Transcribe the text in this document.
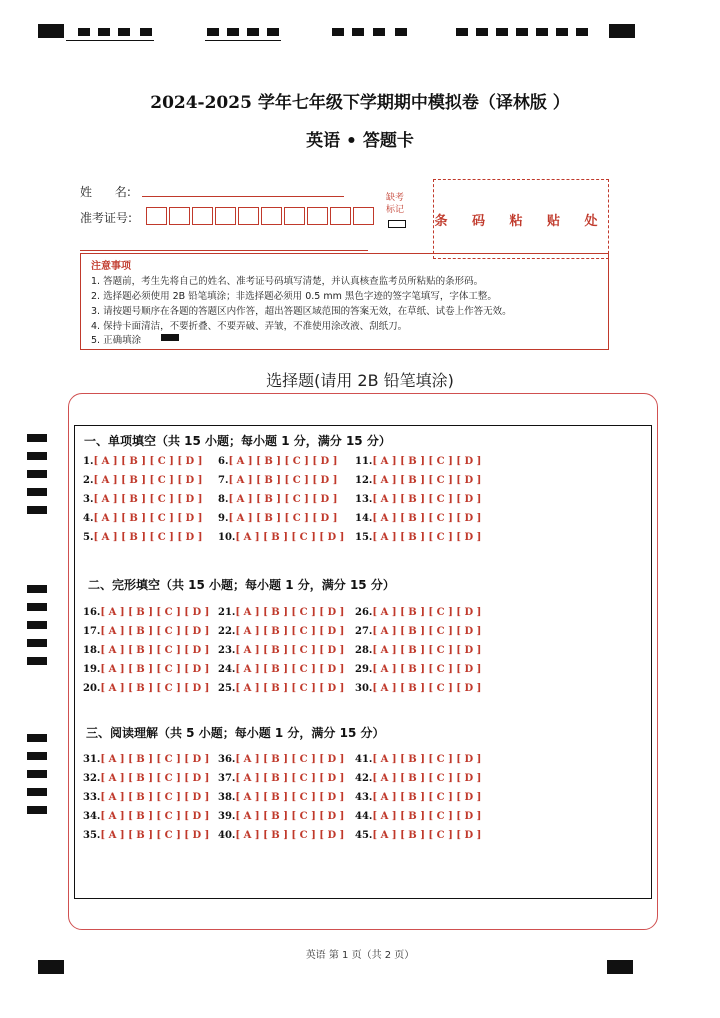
2024-2025 学年七年级下学期期中模拟卷（译林版 ）
英语 • 答题卡
姓      名:
准考证号:
缺考
标记
条 码 粘 贴 处
注意事项
1. 答题前，考生先将自己的姓名、准考证号码填写清楚，并认真核查监考员所粘贴的条形码。
2. 选择题必须使用 2B 铅笔填涂；非选择题必须用 0.5 mm 黑色字迹的签字笔填写，字体工整。
3. 请按题号顺序在各题的答题区内作答，超出答题区域范围的答案无效，在草纸、试卷上作答无效。
4. 保持卡面清洁，不要折叠、不要弄破、弄皱，不准使用涂改液、刮纸刀。
5. 正确填涂
选择题(请用 2B 铅笔填涂)
一、单项填空（共 15 小题；每小题 1 分，满分 15 分）
二、完形填空（共 15 小题；每小题 1 分，满分 15 分）
三、阅读理解（共 5 小题；每小题 1 分，满分 15 分）
1.[ A ] [ B ] [ C ] [ D ]
2.[ A ] [ B ] [ C ] [ D ]
3.[ A ] [ B ] [ C ] [ D ]
4.[ A ] [ B ] [ C ] [ D ]
5.[ A ] [ B ] [ C ] [ D ]
6.[ A ] [ B ] [ C ] [ D ]
7.[ A ] [ B ] [ C ] [ D ]
8.[ A ] [ B ] [ C ] [ D ]
9.[ A ] [ B ] [ C ] [ D ]
10.[ A ] [ B ] [ C ] [ D ]
11.[ A ] [ B ] [ C ] [ D ]
12.[ A ] [ B ] [ C ] [ D ]
13.[ A ] [ B ] [ C ] [ D ]
14.[ A ] [ B ] [ C ] [ D ]
15.[ A ] [ B ] [ C ] [ D ]
16.[ A ] [ B ] [ C ] [ D ]
17.[ A ] [ B ] [ C ] [ D ]
18.[ A ] [ B ] [ C ] [ D ]
19.[ A ] [ B ] [ C ] [ D ]
20.[ A ] [ B ] [ C ] [ D ]
21.[ A ] [ B ] [ C ] [ D ]
22.[ A ] [ B ] [ C ] [ D ]
23.[ A ] [ B ] [ C ] [ D ]
24.[ A ] [ B ] [ C ] [ D ]
25.[ A ] [ B ] [ C ] [ D ]
26.[ A ] [ B ] [ C ] [ D ]
27.[ A ] [ B ] [ C ] [ D ]
28.[ A ] [ B ] [ C ] [ D ]
29.[ A ] [ B ] [ C ] [ D ]
30.[ A ] [ B ] [ C ] [ D ]
31.[ A ] [ B ] [ C ] [ D ]
32.[ A ] [ B ] [ C ] [ D ]
33.[ A ] [ B ] [ C ] [ D ]
34.[ A ] [ B ] [ C ] [ D ]
35.[ A ] [ B ] [ C ] [ D ]
36.[ A ] [ B ] [ C ] [ D ]
37.[ A ] [ B ] [ C ] [ D ]
38.[ A ] [ B ] [ C ] [ D ]
39.[ A ] [ B ] [ C ] [ D ]
40.[ A ] [ B ] [ C ] [ D ]
41.[ A ] [ B ] [ C ] [ D ]
42.[ A ] [ B ] [ C ] [ D ]
43.[ A ] [ B ] [ C ] [ D ]
44.[ A ] [ B ] [ C ] [ D ]
45.[ A ] [ B ] [ C ] [ D ]
英语 第 1 页（共 2 页）
